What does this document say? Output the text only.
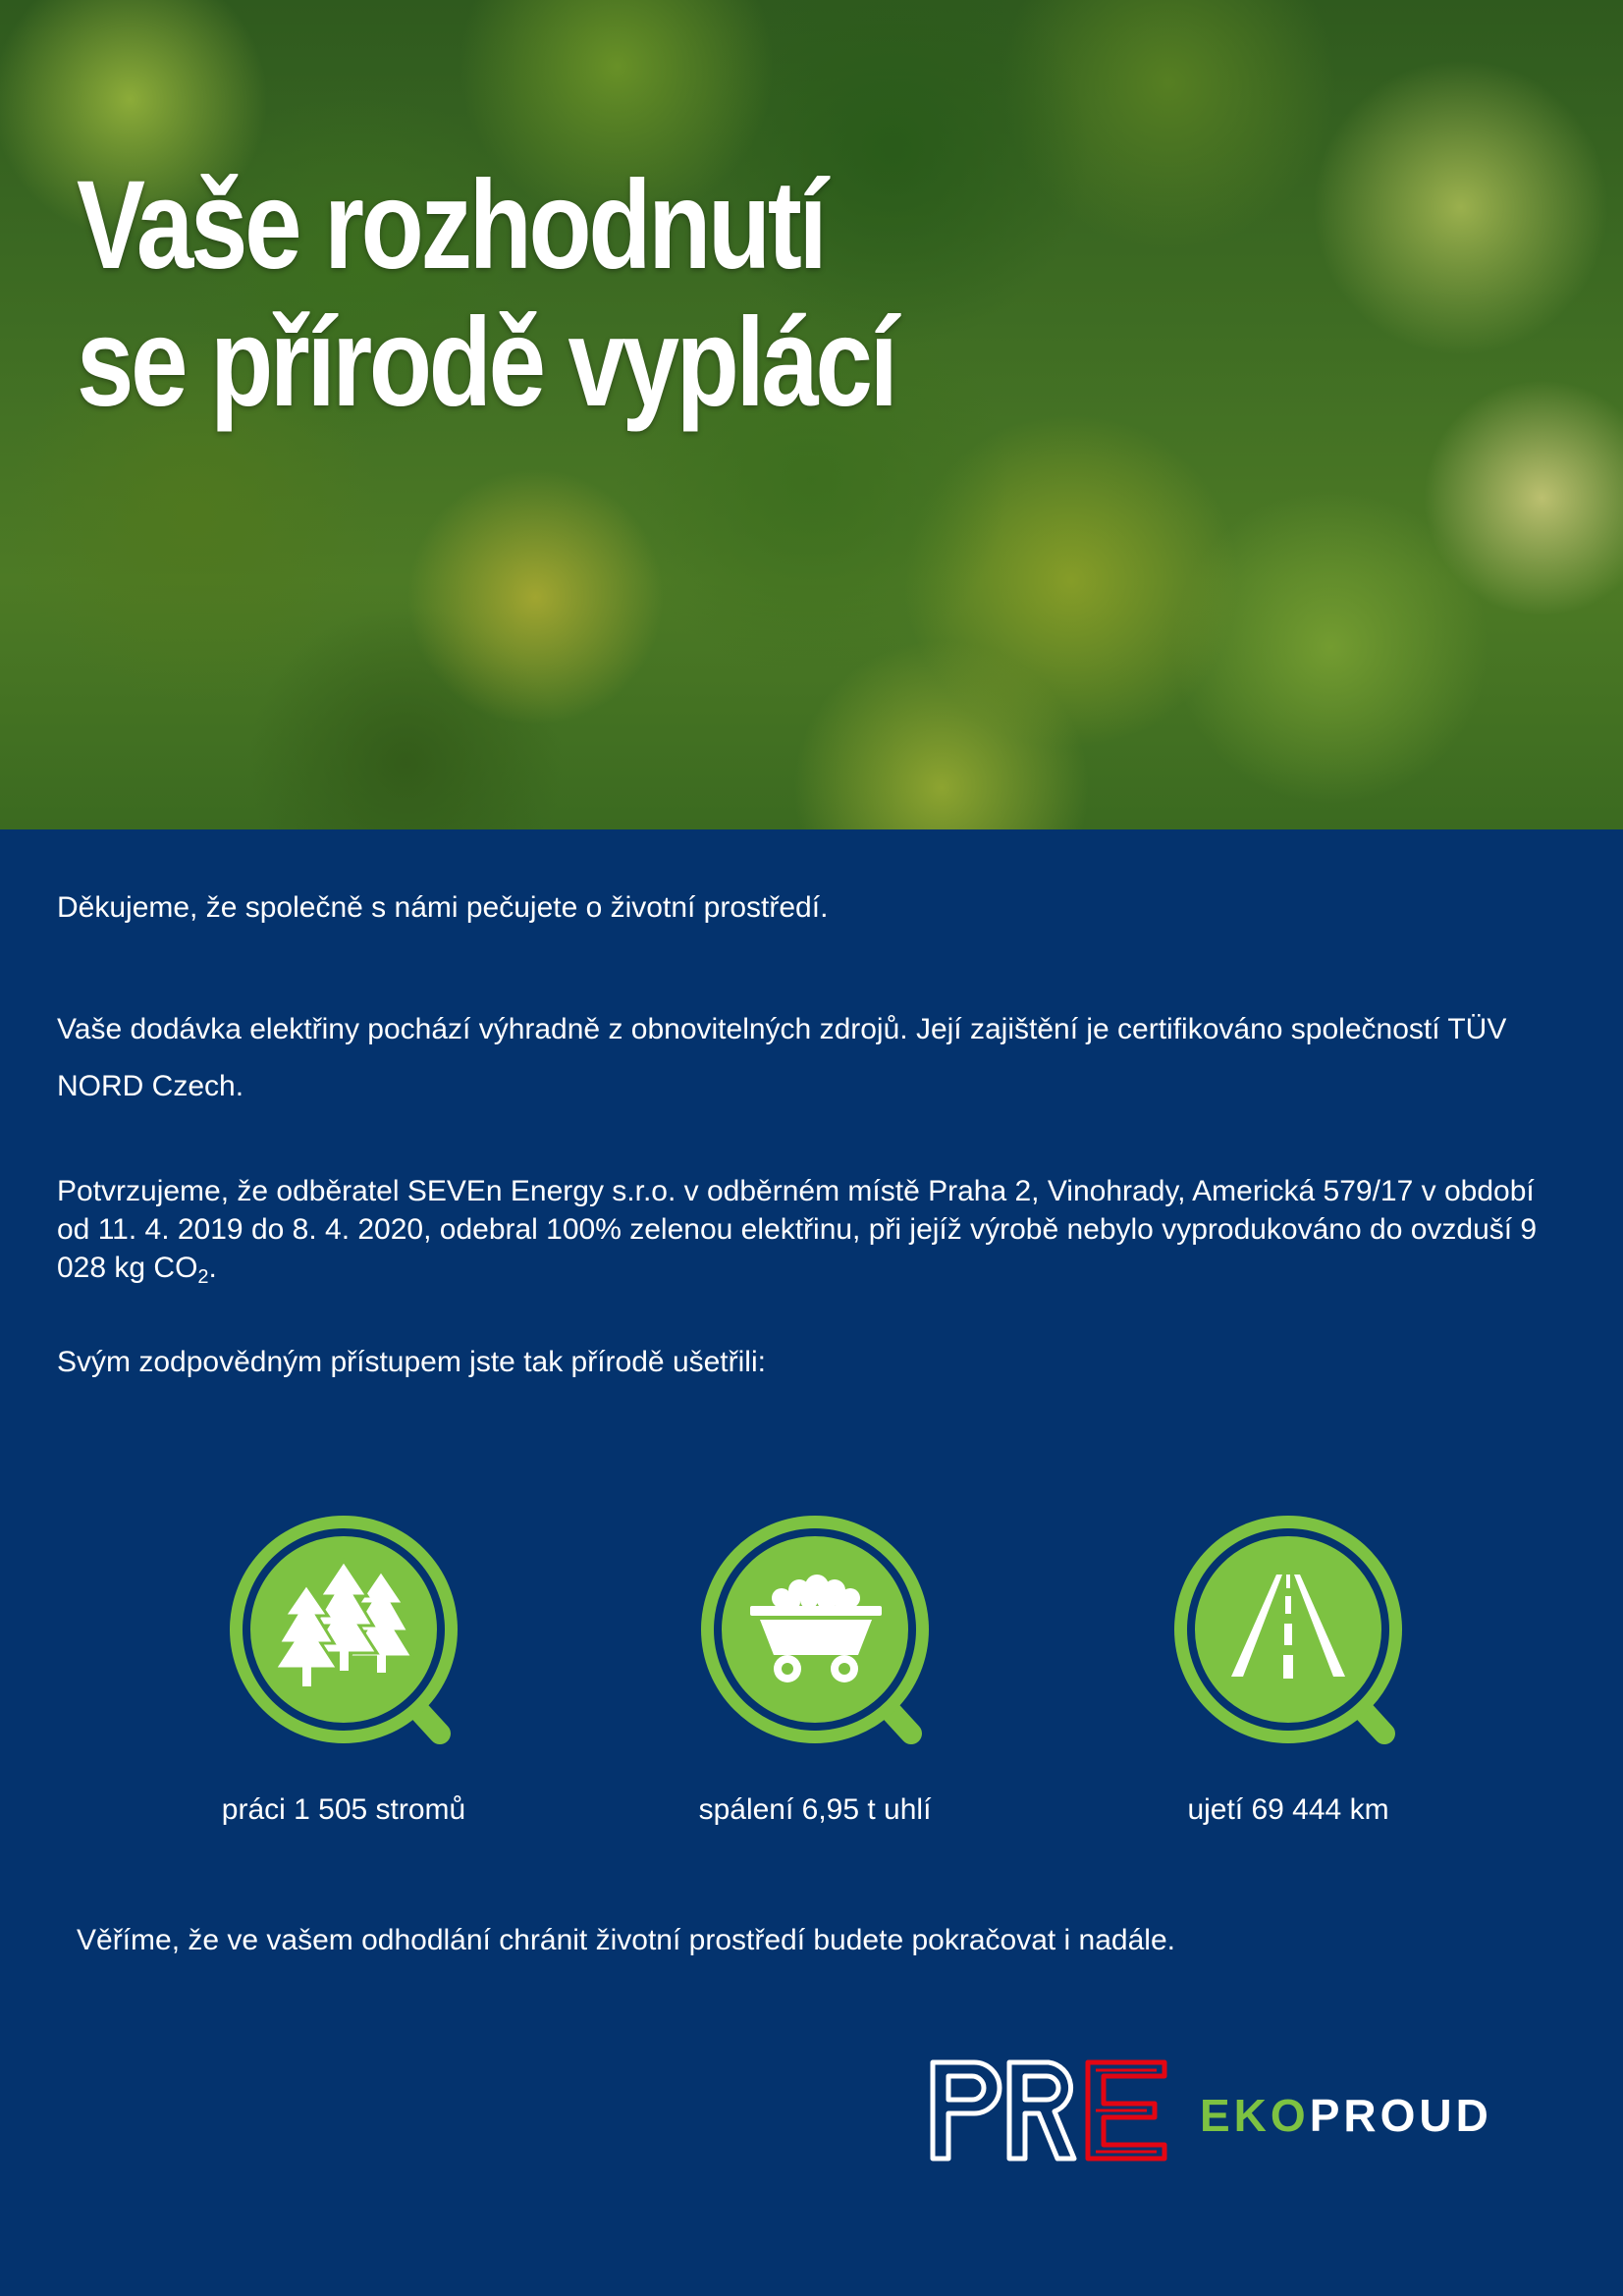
Vaše rozhodnutí
se přírodě vyplácí

Děkujeme, že společně s námi pečujete o životní prostředí.

Vaše dodávka elektřiny pochází výhradně z obnovitelných zdrojů. Její zajištění je certifikováno společností TÜV NORD Czech.

Potvrzujeme, že odběratel SEVEn Energy s.r.o. v odběrném místě Praha 2, Vinohrady, Americká 579/17 v období od 11. 4. 2019 do 8. 4. 2020, odebral 100% zelenou elektřinu, při jejíž výrobě nebylo vyprodukováno do ovzduší 9 028 kg $CO_2$.

Svým zodpovědným přístupem jste tak přírodě ušetřili:

práci 1 505 stromů	spálení 6,95 t uhlí	ujetí 69 444 km

Věříme, že ve vašem odhodlání chránit životní prostředí budete pokračovat i nadále.

EKOPROUD
